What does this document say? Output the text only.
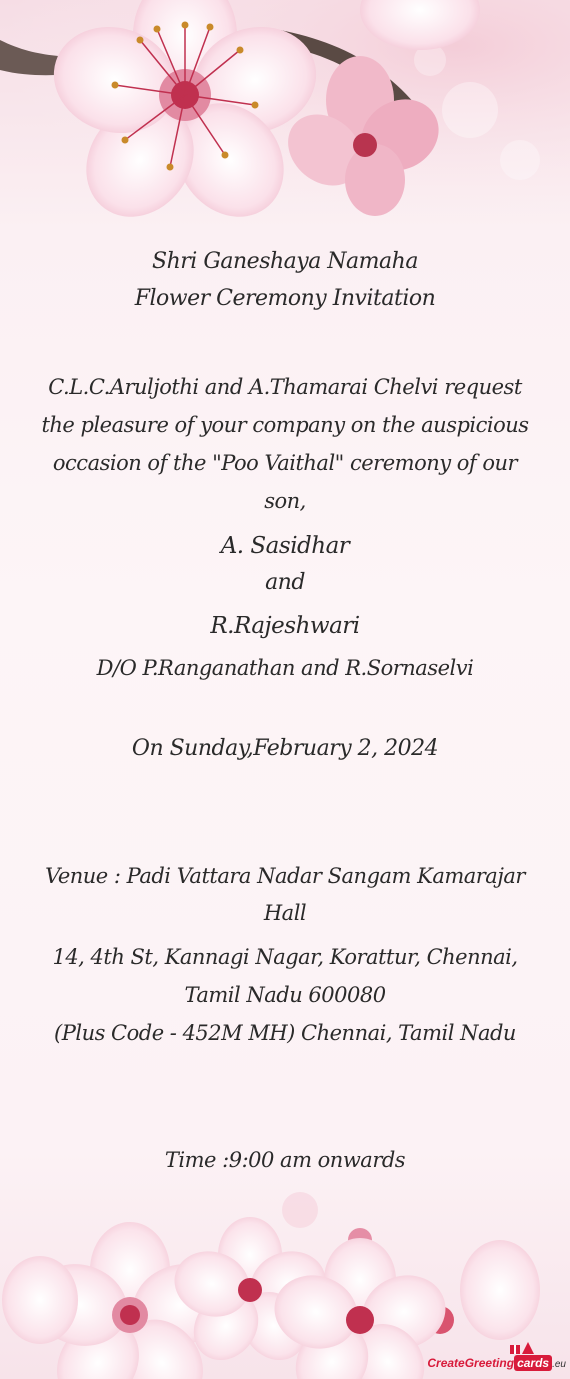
Shri Ganeshaya Namaha
Flower Ceremony Invitation
C.L.C.Aruljothi and A.Thamarai Chelvi request the pleasure of your company on the auspicious occasion of the "Poo Vaithal" ceremony of our son,
A. Sasidhar
and
R.Rajeshwari
D/O P.Ranganathan and R.Sornaselvi
On Sunday,February 2, 2024
Venue : Padi Vattara Nadar Sangam Kamarajar Hall
14, 4th St, Kannagi Nagar, Korattur, Chennai, Tamil Nadu 600080
(Plus Code - 452M MH) Chennai, Tamil Nadu
Time :9:00 am onwards
CreateGreeting cards .eu
